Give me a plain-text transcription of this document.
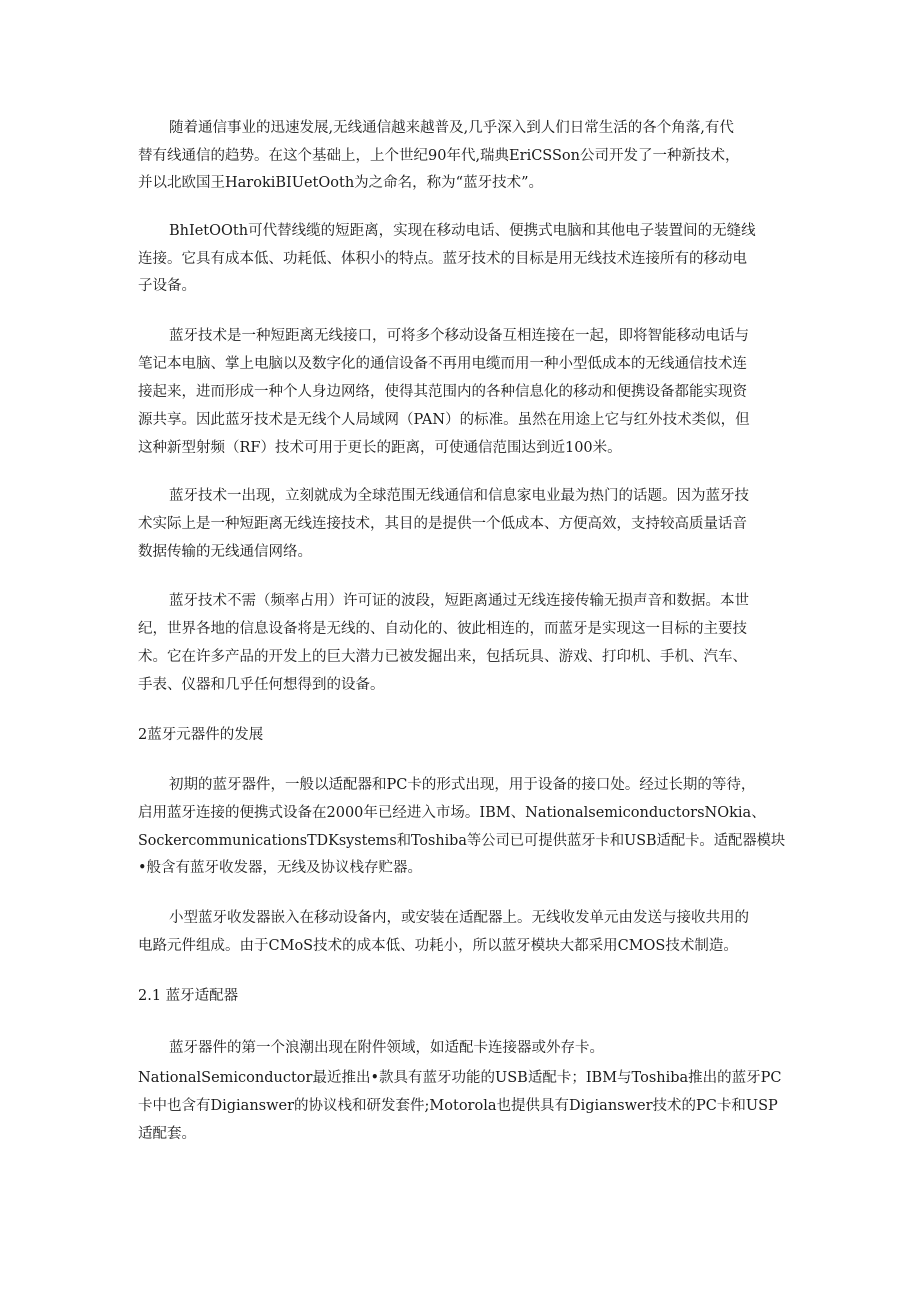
随着通信事业的迅速发展,无线通信越来越普及,几乎深入到人们日常生活的各个角落,有代
替有线通信的趋势。在这个基础上，上个世纪90年代,瑞典EriCSSon公司开发了一种新技术，
并以北欧国王HarokiBIUetOoth为之命名，称为“蓝牙技术”。
BhIetOOth可代替线缆的短距离，实现在移动电话、便携式电脑和其他电子装置间的无缝线
连接。它具有成本低、功耗低、体积小的特点。蓝牙技术的目标是用无线技术连接所有的移动电
子设备。
蓝牙技术是一种短距离无线接口，可将多个移动设备互相连接在一起，即将智能移动电话与
笔记本电脑、掌上电脑以及数字化的通信设备不再用电缆而用一种小型低成本的无线通信技术连
接起来，进而形成一种个人身边网络，使得其范围内的各种信息化的移动和便携设备都能实现资
源共享。因此蓝牙技术是无线个人局域网（PAN）的标准。虽然在用途上它与红外技术类似，但
这种新型射频（RF）技术可用于更长的距离，可使通信范围达到近100米。
蓝牙技术一出现，立刻就成为全球范围无线通信和信息家电业最为热门的话题。因为蓝牙技
术实际上是一种短距离无线连接技术，其目的是提供一个低成本、方便高效，支持较高质量话音
数据传输的无线通信网络。
蓝牙技术不需（频率占用）许可证的波段，短距离通过无线连接传输无损声音和数据。本世
纪，世界各地的信息设备将是无线的、自动化的、彼此相连的，而蓝牙是实现这一目标的主要技
术。它在许多产品的开发上的巨大潜力已被发掘出来，包括玩具、游戏、打印机、手机、汽车、
手表、仪器和几乎任何想得到的设备。
2蓝牙元器件的发展
初期的蓝牙器件，一般以适配器和PC卡的形式出现，用于设备的接口处。经过长期的等待，
启用蓝牙连接的便携式设备在2000年已经进入市场。IBM、NationalsemiconductorsNOkia、
SockercommunicationsTDKsystems和Toshiba等公司已可提供蓝牙卡和USB适配卡。适配器模块
•般含有蓝牙收发器，无线及协议栈存贮器。
小型蓝牙收发器嵌入在移动设备内，或安装在适配器上。无线收发单元由发送与接收共用的
电路元件组成。由于CMoS技术的成本低、功耗小，所以蓝牙模块大都采用CMOS技术制造。
2.1 蓝牙适配器
蓝牙器件的第一个浪潮出现在附件领域，如适配卡连接器或外存卡。
NationalSemiconductor最近推出•款具有蓝牙功能的USB适配卡；IBM与Toshiba推出的蓝牙PC
卡中也含有Digianswer的协议栈和研发套件;Motorola也提供具有Digianswer技术的PC卡和USP
适配套。
